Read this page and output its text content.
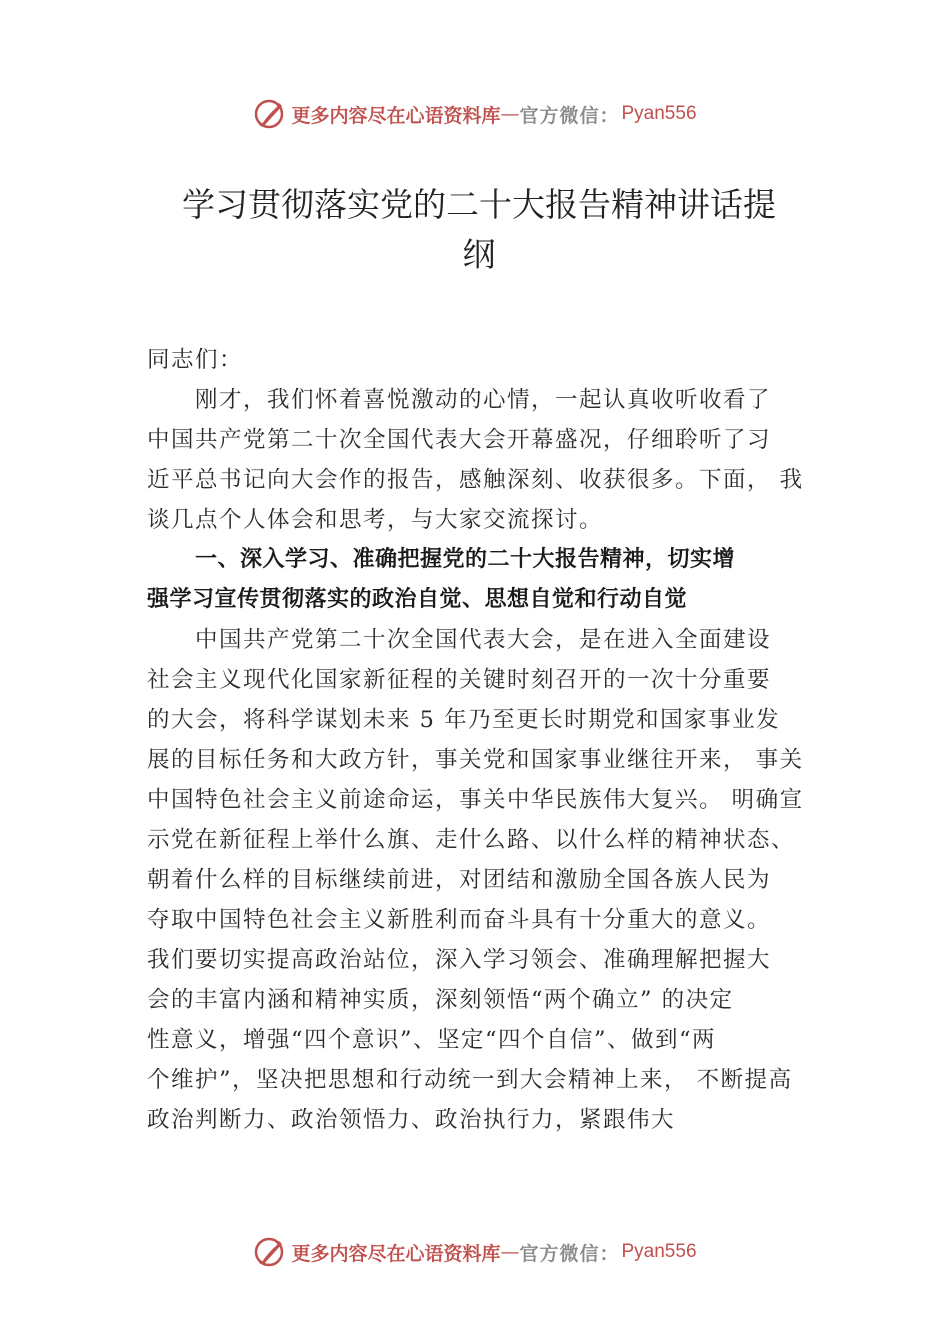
更多内容尽在心语资料库 — 官方微信： Pyan556
学习贯彻落实党的二十大报告精神讲话提
纲
同志们：
刚才，我们怀着喜悦激动的心情，一起认真收听收看了
中国共产党第二十次全国代表大会开幕盛况，仔细聆听了习
近平总书记向大会作的报告，感触深刻、收获很多。下面， 我
谈几点个人体会和思考，与大家交流探讨。
一、深入学习、准确把握党的二十大报告精神，切实增
强学习宣传贯彻落实的政治自觉、思想自觉和行动自觉
中国共产党第二十次全国代表大会，是在进入全面建设
社会主义现代化国家新征程的关键时刻召开的一次十分重要
的大会，将科学谋划未来 5 年乃至更长时期党和国家事业发
展的目标任务和大政方针，事关党和国家事业继往开来， 事关
中国特色社会主义前途命运，事关中华民族伟大复兴。 明确宣
示党在新征程上举什么旗、走什么路、以什么样的精神状态、
朝着什么样的目标继续前进，对团结和激励全国各族人民为
夺取中国特色社会主义新胜利而奋斗具有十分重大的意义。
我们要切实提高政治站位，深入学习领会、准确理解把握大
会的丰富内涵和精神实质，深刻领悟“两个确立” 的决定
性意义，增强“四个意识”、坚定“四个自信”、做到“两
个维护”，坚决把思想和行动统一到大会精神上来， 不断提高
政治判断力、政治领悟力、政治执行力，紧跟伟大
更多内容尽在心语资料库 — 官方微信： Pyan556
